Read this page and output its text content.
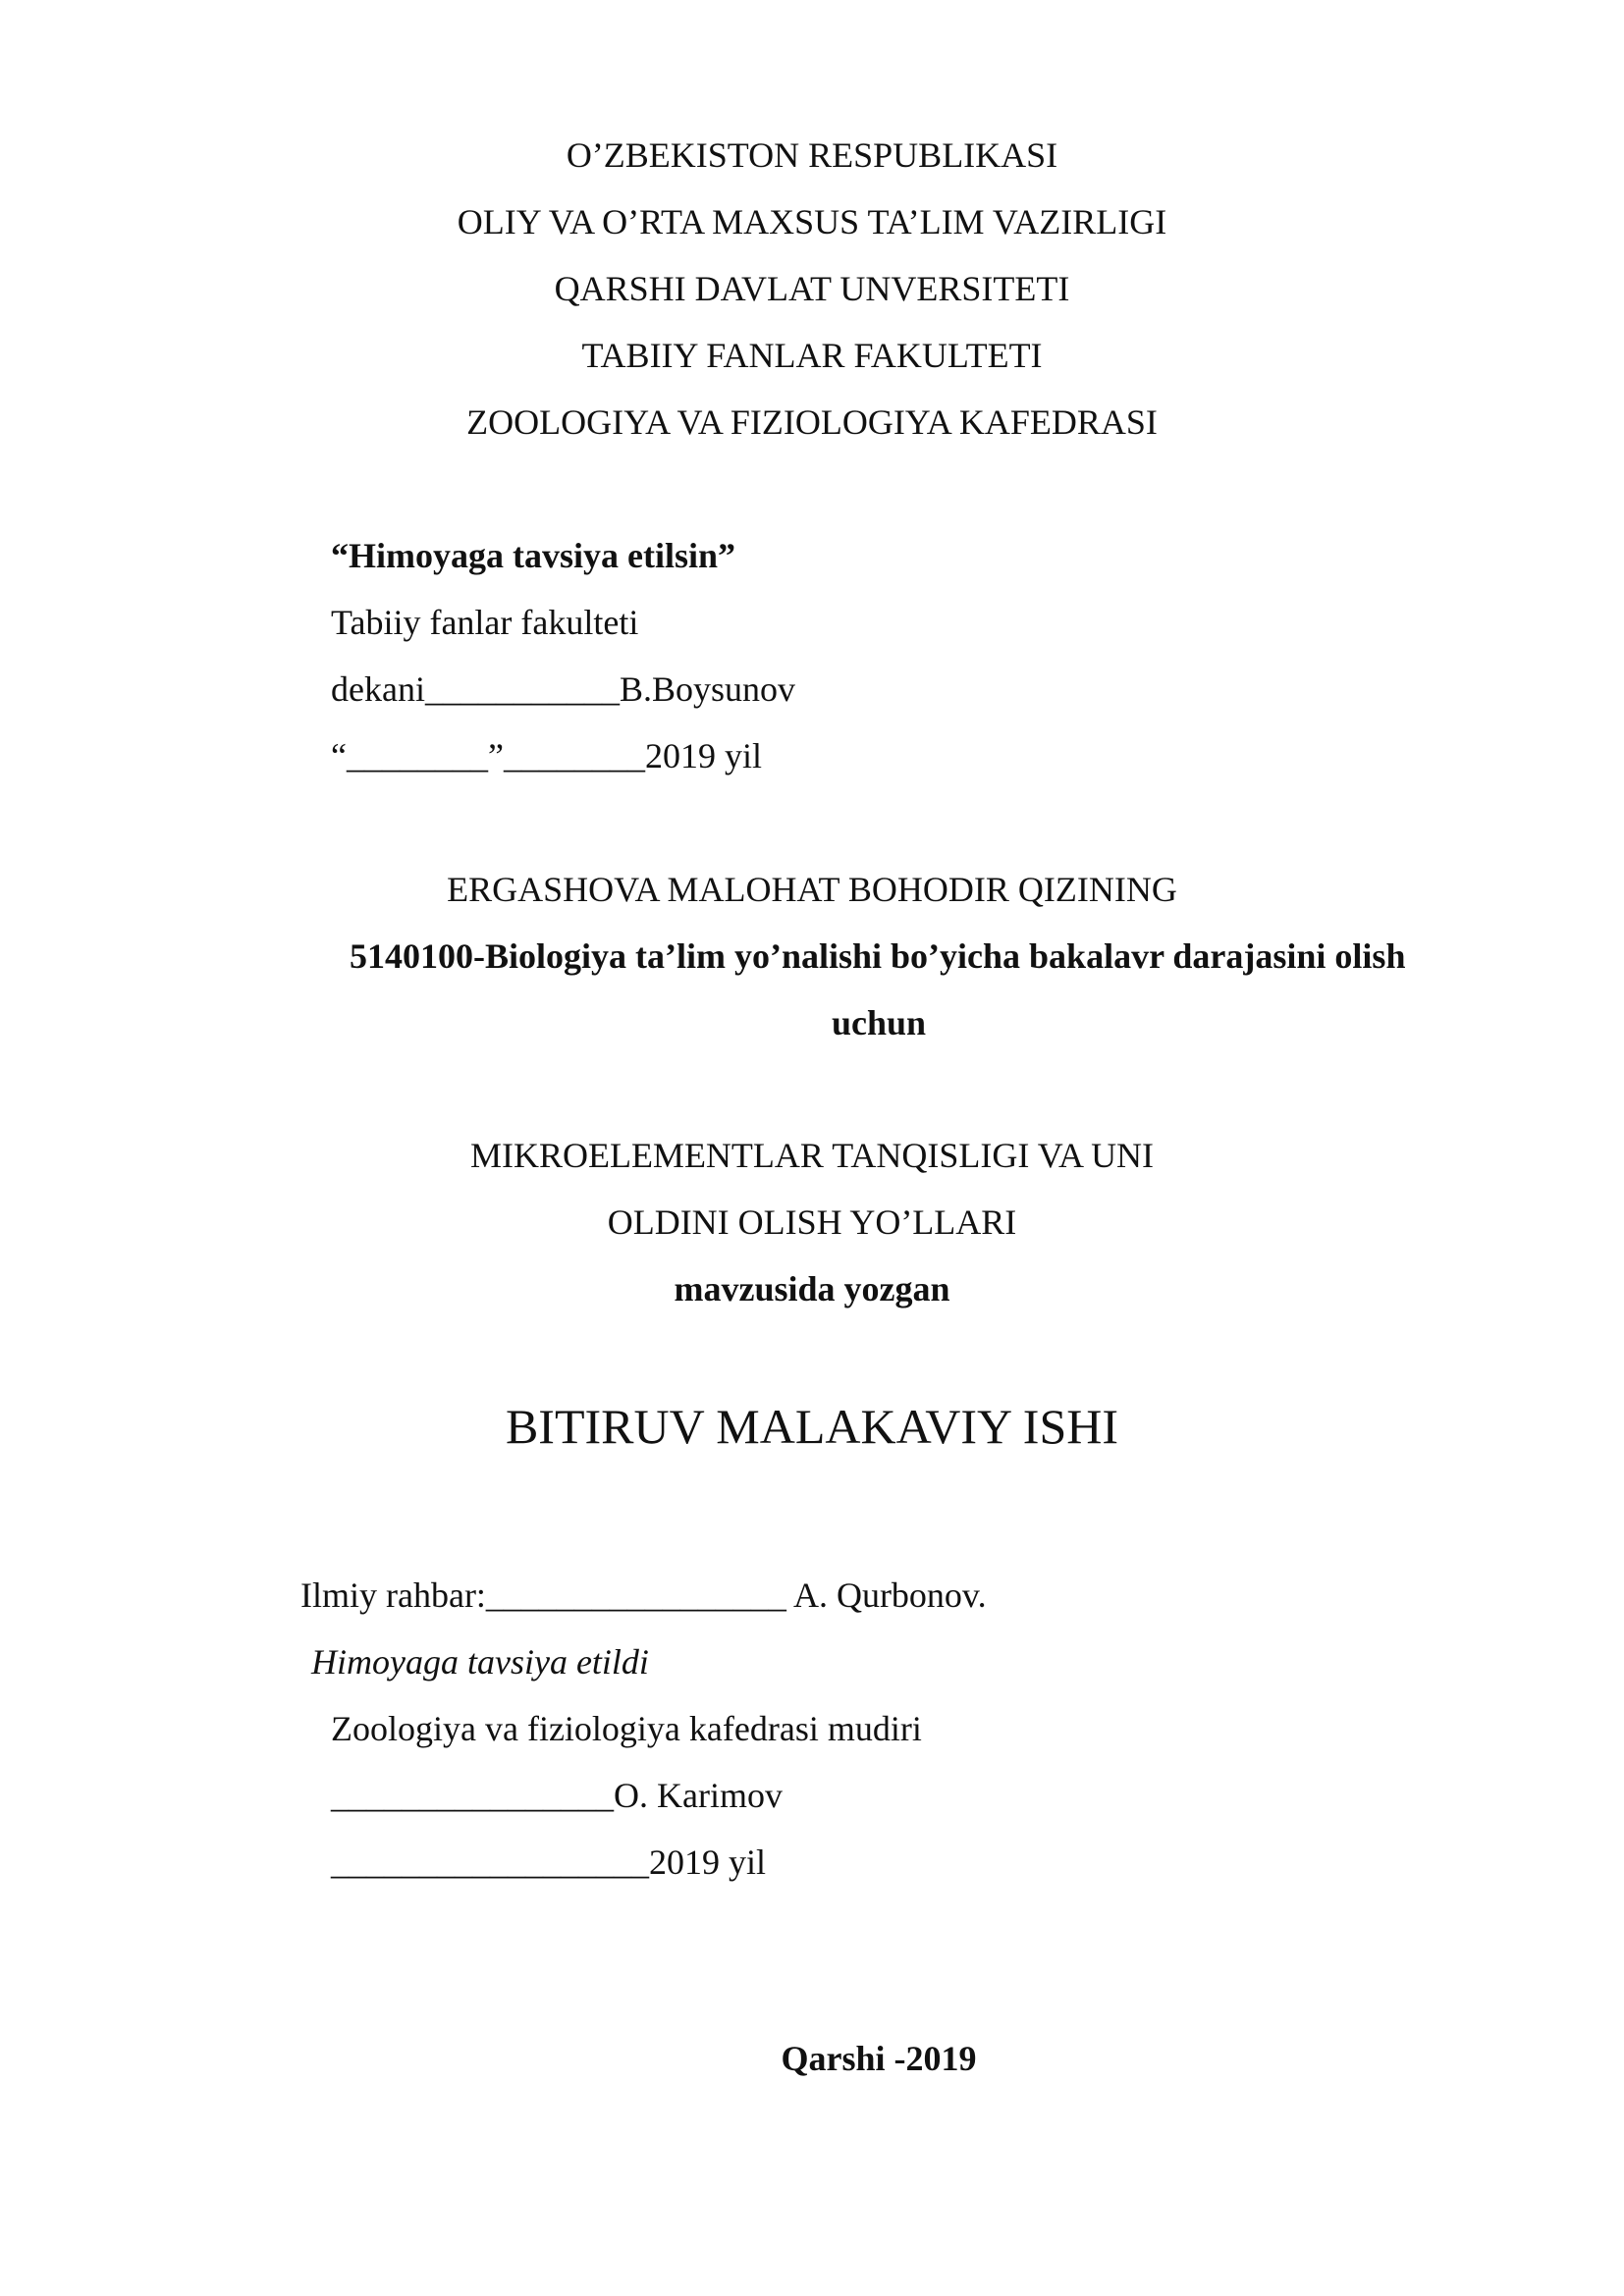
O’ZBEKISTON RESPUBLIKASI
OLIY VA O’RTA MAXSUS TA’LIM VAZIRLIGI
QARSHI DAVLAT UNVERSITETI
TABIIY FANLAR FAKULTETI
ZOOLOGIYA VA FIZIOLOGIYA KAFEDRASI
“Himoyaga tavsiya etilsin”
Tabiiy fanlar fakulteti
dekani___________B.Boysunov
“________”________2019 yil
ERGASHOVA MALOHAT BOHODIR QIZINING
5140100-Biologiya ta’lim yo’nalishi bo’yicha bakalavr darajasini olish
uchun
MIKROELEMENTLAR TANQISLIGI VA UNI
OLDINI OLISH YO’LLARI
mavzusida yozgan
BITIRUV MALAKAVIY ISHI
Ilmiy rahbar:_________________ A. Qurbonov.
Himoyaga tavsiya etildi
Zoologiya va fiziologiya kafedrasi mudiri
________________O. Karimov
__________________2019 yil
Qarshi -2019
